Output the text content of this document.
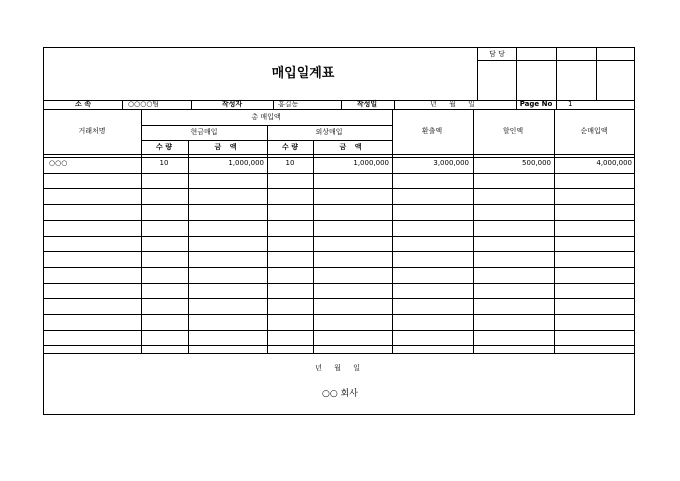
매입일계표
담 당
소 속	○○○○팀	작성자	홍길동	작성일	년 월 일	Page No 1
거래처명
총 매입액
현금매입	외상매입
수 량	금 액	수 량	금 액
환출액	할인액	순매입액
○○○	10	1,000,000	10	1,000,000	3,000,000	500,000	4,000,000
년 월 일
○○ 회사
